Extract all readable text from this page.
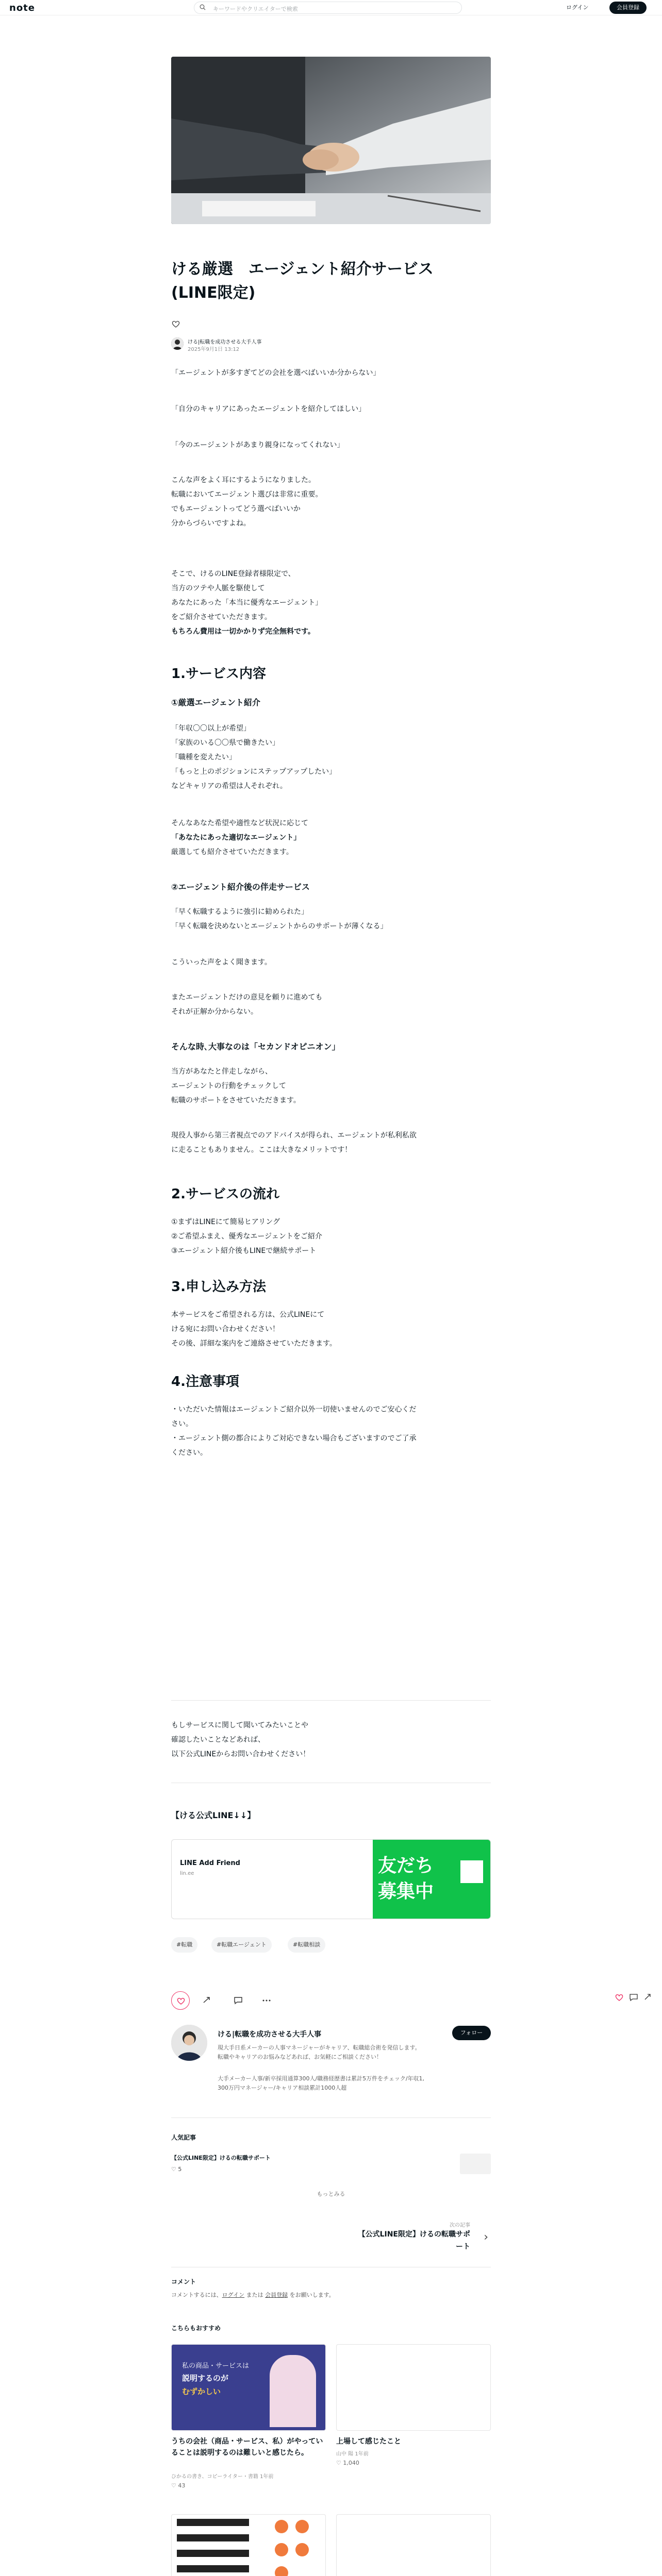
note	キーワードやクリエイターで検索	ログイン	会員登録
ける厳選　エージェント紹介サービス
(LINE限定)
ける|転職を成功させる大手人事
2025年9月1日 13:12
「エージェントが多すぎてどの会社を選べばいいか分からない」
「自分のキャリアにあったエージェントを紹介してほしい」
「今のエージェントがあまり親身になってくれない」
こんな声をよく耳にするようになりました。
転職においてエージェント選びは非常に重要。
でもエージェントってどう選べばいいか
分からづらいですよね。
そこで、けるのLINE登録者様限定で、
当方のツテや人脈を駆使して
あなたにあった「本当に優秀なエージェント」
をご紹介させていただきます。
もちろん費用は一切かかりず完全無料です。
1.サービス内容
①厳選エージェント紹介
「年収〇〇以上が希望」
「家族のいる〇〇県で働きたい」
「職種を変えたい」
「もっと上のポジションにステップアップしたい」
などキャリアの希望は人それぞれ。
そんなあなた希望や適性など状況に応じて
「あなたにあった適切なエージェント」
厳選しても紹介させていただきます。
②エージェント紹介後の伴走サービス
「早く転職するように強引に勧められた」
「早く転職を決めないとエージェントからのサポートが薄くなる」
こういった声をよく聞きます。
またエージェントだけの意見を頼りに進めても
それが正解か分からない。
そんな時､大事なのは「セカンドオピニオン」
当方があなたと伴走しながら、
エージェントの行動をチェックして
転職のサポートをさせていただきます。
現役人事から第三者視点でのアドバイスが得られ、エージェントが私利私欲
に走ることもありません。ここは大きなメリットです！
2.サービスの流れ
①まずはLINEにて簡易ヒアリング
②ご希望ふまえ、優秀なエージェントをご紹介
③エージェント紹介後もLINEで継続サポート
3.申し込み方法
本サービスをご希望される方は、公式LINEにて
ける宛にお問い合わせください！
その後、詳細な案内をご連絡させていただきます。
4.注意事項
・いただいた情報はエージェントご紹介以外一切使いませんのでご安心くだ
さい。
・エージェント側の都合によりご対応できない場合もございますのでご了承
ください。
もしサービスに関して聞いてみたいことや
確認したいことなどあれば、
以下公式LINEからお問い合わせください！
【ける公式LINE↓↓】
LINE Add Friend
lin.ee	友だち
募集中
#転職	#転職エージェント	#転職相談
ける|転職を成功させる大手人事	フォロー
現大手日系メーカーの人事マネージャーがキャリア、転職総合術を発信します。
転職やキャリアのお悩みなどあれば、お気軽にご相談ください！
大手メーカー人事/新卒採用通算300人/職務経歴書は累計5万件をチェック/年収1,
300万円マネージャー/キャリア相談累計1000人超
人気記事
【公式LINE限定】けるの転職サポート
♡ 5
もっとみる
次の記事
【公式LINE限定】けるの転職サポ
ート
›
コメント
コメントするには、ログイン または 会員登録 をお願いします。
こちらもおすすめ
私の商品・サービスは
説明するのが
むずかしい
うちの会社（商品・サービス、私）がやっていることは説明するのは難しいと感じたら。
ひかるの書き、コピーライター・書籍 1年前
♡ 43
上場して感じたこと
山中 陽 1年前
♡ 1,040
